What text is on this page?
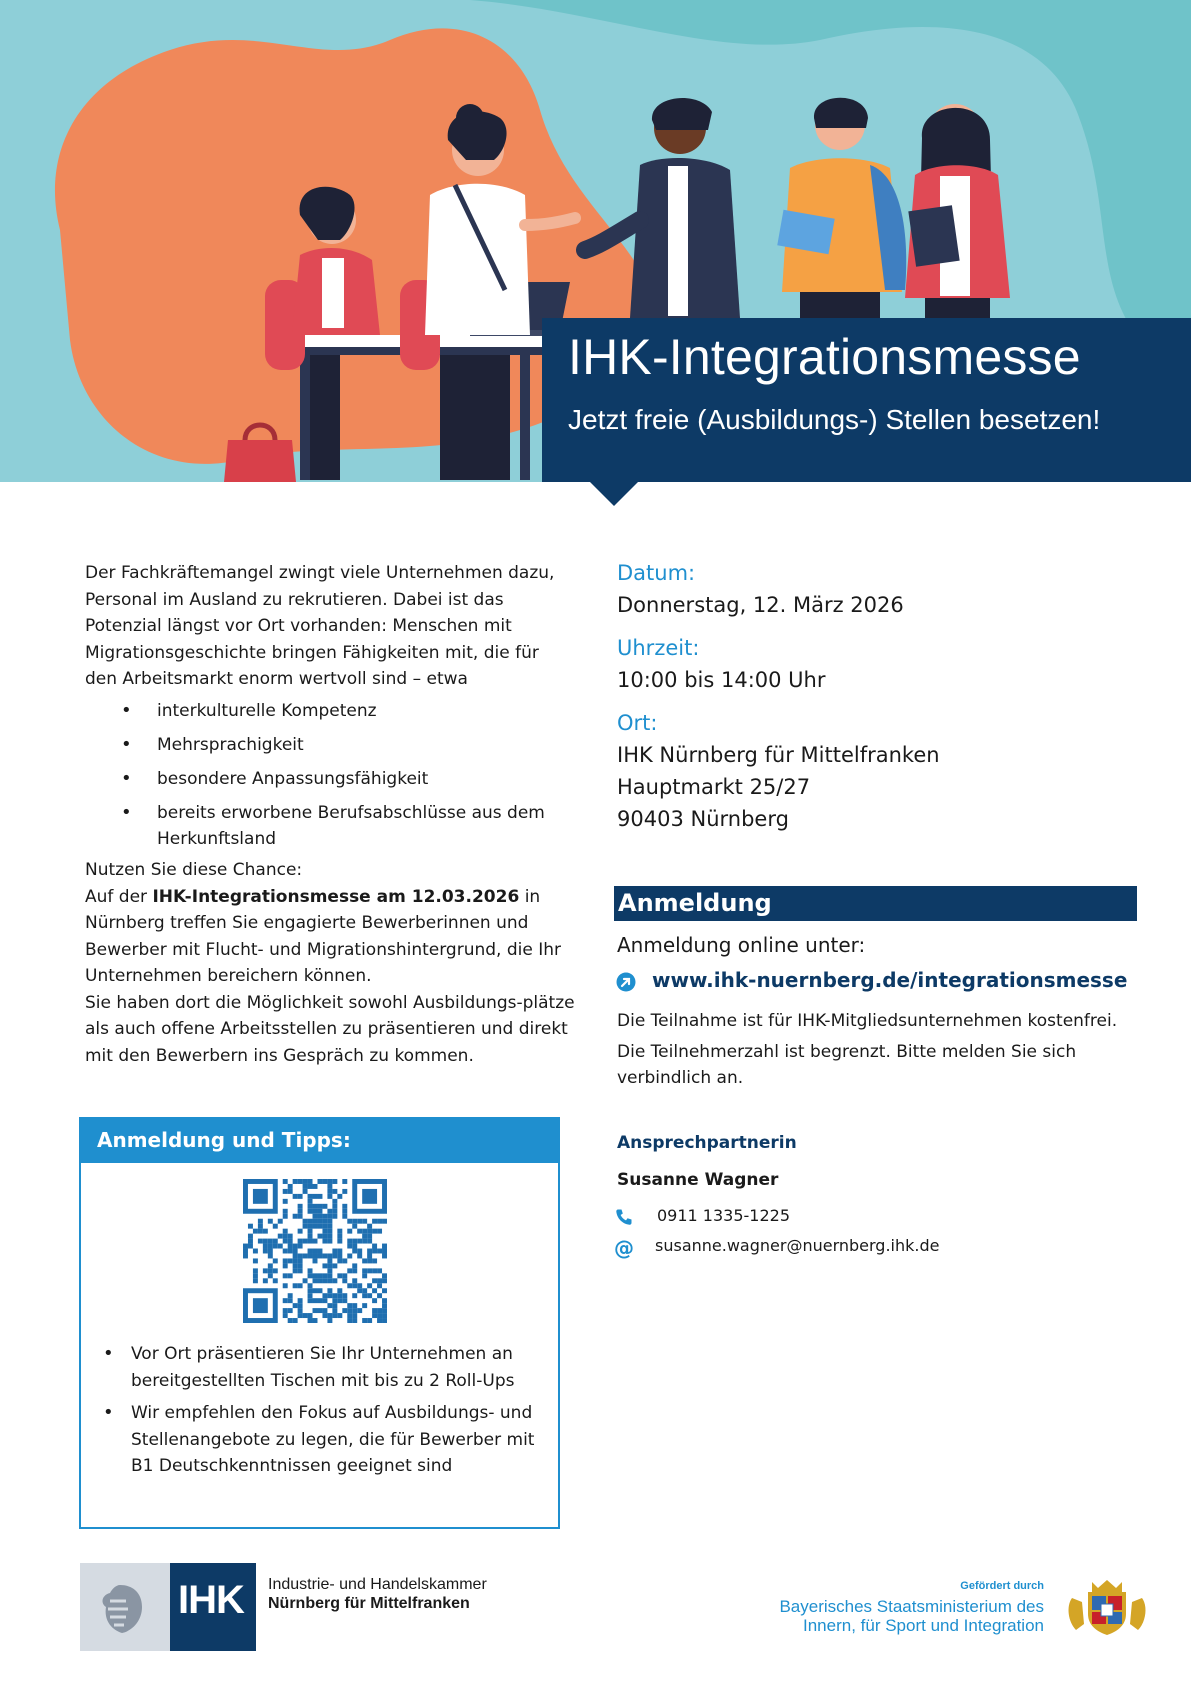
IHK-Integrationsmesse
Jetzt freie (Ausbildungs-) Stellen besetzen!

Der Fachkräftemangel zwingt viele Unternehmen dazu, Personal im Ausland zu rekrutieren. Dabei ist das Potenzial längst vor Ort vorhanden: Menschen mit Migrationsgeschichte bringen Fähigkeiten mit, die für den Arbeitsmarkt enorm wertvoll sind – etwa

• interkulturelle Kompetenz
• Mehrsprachigkeit
• besondere Anpassungsfähigkeit
• bereits erworbene Berufsabschlüsse aus dem Herkunftsland

Nutzen Sie diese Chance:

Auf der IHK-Integrationsmesse am 12.03.2026 in Nürnberg treffen Sie engagierte Bewerberinnen und Bewerber mit Flucht- und Migrationshintergrund, die Ihr Unternehmen bereichern können.

Sie haben dort die Möglichkeit sowohl Ausbildungs-plätze als auch offene Arbeitsstellen zu präsentieren und direkt mit den Bewerbern ins Gespräch zu kommen.

Anmeldung und Tipps:
• Vor Ort präsentieren Sie Ihr Unternehmen an bereitgestellten Tischen mit bis zu 2 Roll-Ups
• Wir empfehlen den Fokus auf Ausbildungs- und Stellenangebote zu legen, die für Bewerber mit B1 Deutschkenntnissen geeignet sind
Datum:
Donnerstag, 12. März 2026
Uhrzeit:
10:00 bis 14:00 Uhr
Ort:
IHK Nürnberg für Mittelfranken
Hauptmarkt 25/27
90403 Nürnberg
Anmeldung
Anmeldung online unter:
www.ihk-nuernberg.de/integrationsmesse

Die Teilnahme ist für IHK-Mitgliedsunternehmen kostenfrei.

Die Teilnehmerzahl ist begrenzt. Bitte melden Sie sich verbindlich an.

Ansprechpartnerin
Susanne Wagner
0911 1335-1225
@ susanne.wagner@nuernberg.ihk.de
IHK Industrie- und Handelskammer
Nürnberg für Mittelfranken
Gefördert durch
Bayerisches Staatsministerium des
Innern, für Sport und Integration
